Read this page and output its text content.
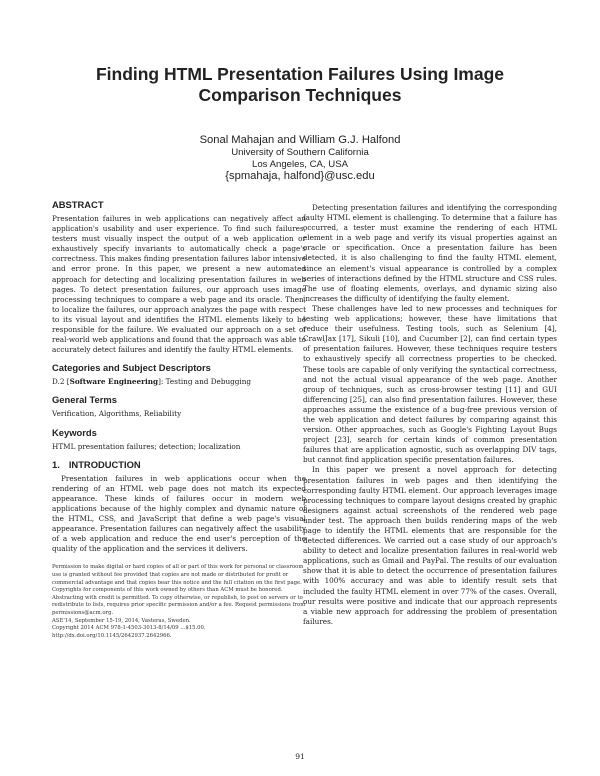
Finding HTML Presentation Failures Using Image
Comparison Techniques
Sonal Mahajan and William G.J. Halfond
University of Southern California
Los Angeles, CA, USA
{spmahaja, halfond}@usc.edu
ABSTRACT

Presentation failures in web applications can negatively affect an application's usability and user experience. To find such failures, testers must visually inspect the output of a web application or exhaustively specify invariants to automatically check a page's correctness. This makes finding presentation failures labor intensive and error prone. In this paper, we present a new automated approach for detecting and localizing presentation failures in web pages. To detect presentation failures, our approach uses image processing techniques to compare a web page and its oracle. Then, to localize the failures, our approach analyzes the page with respect to its visual layout and identifies the HTML elements likely to be responsible for the failure. We evaluated our approach on a set of real-world web applications and found that the approach was able to accurately detect failures and identify the faulty HTML elements.

Categories and Subject Descriptors

D.2 [Software Engineering]: Testing and Debugging

General Terms

Verification, Algorithms, Reliability

Keywords

HTML presentation failures; detection; localization

1. INTRODUCTION

Presentation failures in web applications occur when the rendering of an HTML web page does not match its expected appearance. These kinds of failures occur in modern web applications because of the highly complex and dynamic nature of the HTML, CSS, and JavaScript that define a web page's visual appearance. Presentation failures can negatively affect the usability of a web application and reduce the end user's perception of the quality of the application and the services it delivers.

Permission to make digital or hard copies of all or part of this work for personal or classroom use is granted without fee provided that copies are not made or distributed for profit or commercial advantage and that copies bear this notice and the full citation on the first page. Copyrights for components of this work owned by others than ACM must be honored. Abstracting with credit is permitted. To copy otherwise, or republish, to post on servers or to redistribute to lists, requires prior specific permission and/or a fee. Request permissions from permissions@acm.org.

ASE'14, September 15-19, 2014, Vasteras, Sweden.

Copyright 2014 ACM 978-1-4503-3013-8/14/09 ...$15.00.

http://dx.doi.org/10.1145/2642937.2642966.

Detecting presentation failures and identifying the corresponding faulty HTML element is challenging. To determine that a failure has occurred, a tester must examine the rendering of each HTML element in a web page and verify its visual properties against an oracle or specification. Once a presentation failure has been detected, it is also challenging to find the faulty HTML element, since an element's visual appearance is controlled by a complex series of interactions defined by the HTML structure and CSS rules. The use of floating elements, overlays, and dynamic sizing also increases the difficulty of identifying the faulty element.

These challenges have led to new processes and techniques for testing web applications; however, these have limitations that reduce their usefulness. Testing tools, such as Selenium [4], CrawlJax [17], Sikuli [10], and Cucumber [2], can find certain types of presentation failures. However, these techniques require testers to exhaustively specify all correctness properties to be checked. These tools are capable of only verifying the syntactical correctness, and not the actual visual appearance of the web page. Another group of techniques, such as cross-browser testing [11] and GUI differencing [25], can also find presentation failures. However, these approaches assume the existence of a bug-free previous version of the web application and detect failures by comparing against this version. Other approaches, such as Google's Fighting Layout Bugs project [23], search for certain kinds of common presentation failures that are application agnostic, such as overlapping DIV tags, but cannot find application specific presentation failures.

In this paper we present a novel approach for detecting presentation failures in web pages and then identifying the corresponding faulty HTML element. Our approach leverages image processing techniques to compare layout designs created by graphic designers against actual screenshots of the rendered web page under test. The approach then builds rendering maps of the web page to identify the HTML elements that are responsible for the detected differences. We carried out a case study of our approach's ability to detect and localize presentation failures in real-world web applications, such as Gmail and PayPal. The results of our evaluation show that it is able to detect the occurrence of presentation failures with 100% accuracy and was able to identify result sets that included the faulty HTML element in over 77% of the cases. Overall, our results were positive and indicate that our approach represents a viable new approach for addressing the problem of presentation failures.

91
